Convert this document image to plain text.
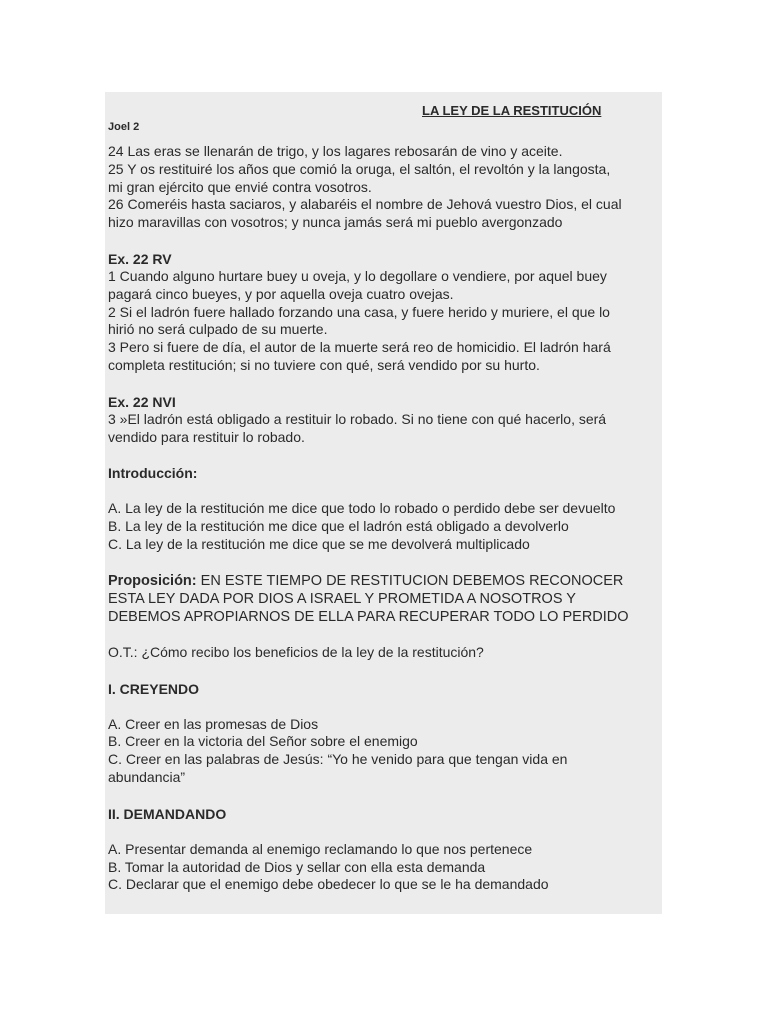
LA LEY DE LA RESTITUCIÓN
Joel 2

24 Las eras se llenarán de trigo, y los lagares rebosarán de vino y aceite.

25 Y os restituiré los años que comió la oruga, el saltón, el revoltón y la langosta,

mi gran ejército que envié contra vosotros.

26 Comeréis hasta saciaros, y alabaréis el nombre de Jehová vuestro Dios, el cual

hizo maravillas con vosotros; y nunca jamás será mi pueblo avergonzado

Ex. 22 RV

1 Cuando alguno hurtare buey u oveja, y lo degollare o vendiere, por aquel buey

pagará cinco bueyes, y por aquella oveja cuatro ovejas.

2 Si el ladrón fuere hallado forzando una casa, y fuere herido y muriere, el que lo

hirió no será culpado de su muerte.

3 Pero si fuere de día, el autor de la muerte será reo de homicidio. El ladrón hará

completa restitución; si no tuviere con qué, será vendido por su hurto.

Ex. 22 NVI

3 »El ladrón está obligado a restituir lo robado. Si no tiene con qué hacerlo, será

vendido para restituir lo robado.

Introducción:

A. La ley de la restitución me dice que todo lo robado o perdido debe ser devuelto

B. La ley de la restitución me dice que el ladrón está obligado a devolverlo

C. La ley de la restitución me dice que se me devolverá multiplicado

Proposición: EN ESTE TIEMPO DE RESTITUCION DEBEMOS RECONOCER

ESTA LEY DADA POR DIOS A ISRAEL Y PROMETIDA A NOSOTROS Y

DEBEMOS APROPIARNOS DE ELLA PARA RECUPERAR TODO LO PERDIDO

O.T.: ¿Cómo recibo los beneficios de la ley de la restitución?

I. CREYENDO

A. Creer en las promesas de Dios

B. Creer en la victoria del Señor sobre el enemigo

C. Creer en las palabras de Jesús: “Yo he venido para que tengan vida en

abundancia”

II. DEMANDANDO

A. Presentar demanda al enemigo reclamando lo que nos pertenece

B. Tomar la autoridad de Dios y sellar con ella esta demanda

C. Declarar que el enemigo debe obedecer lo que se le ha demandado
